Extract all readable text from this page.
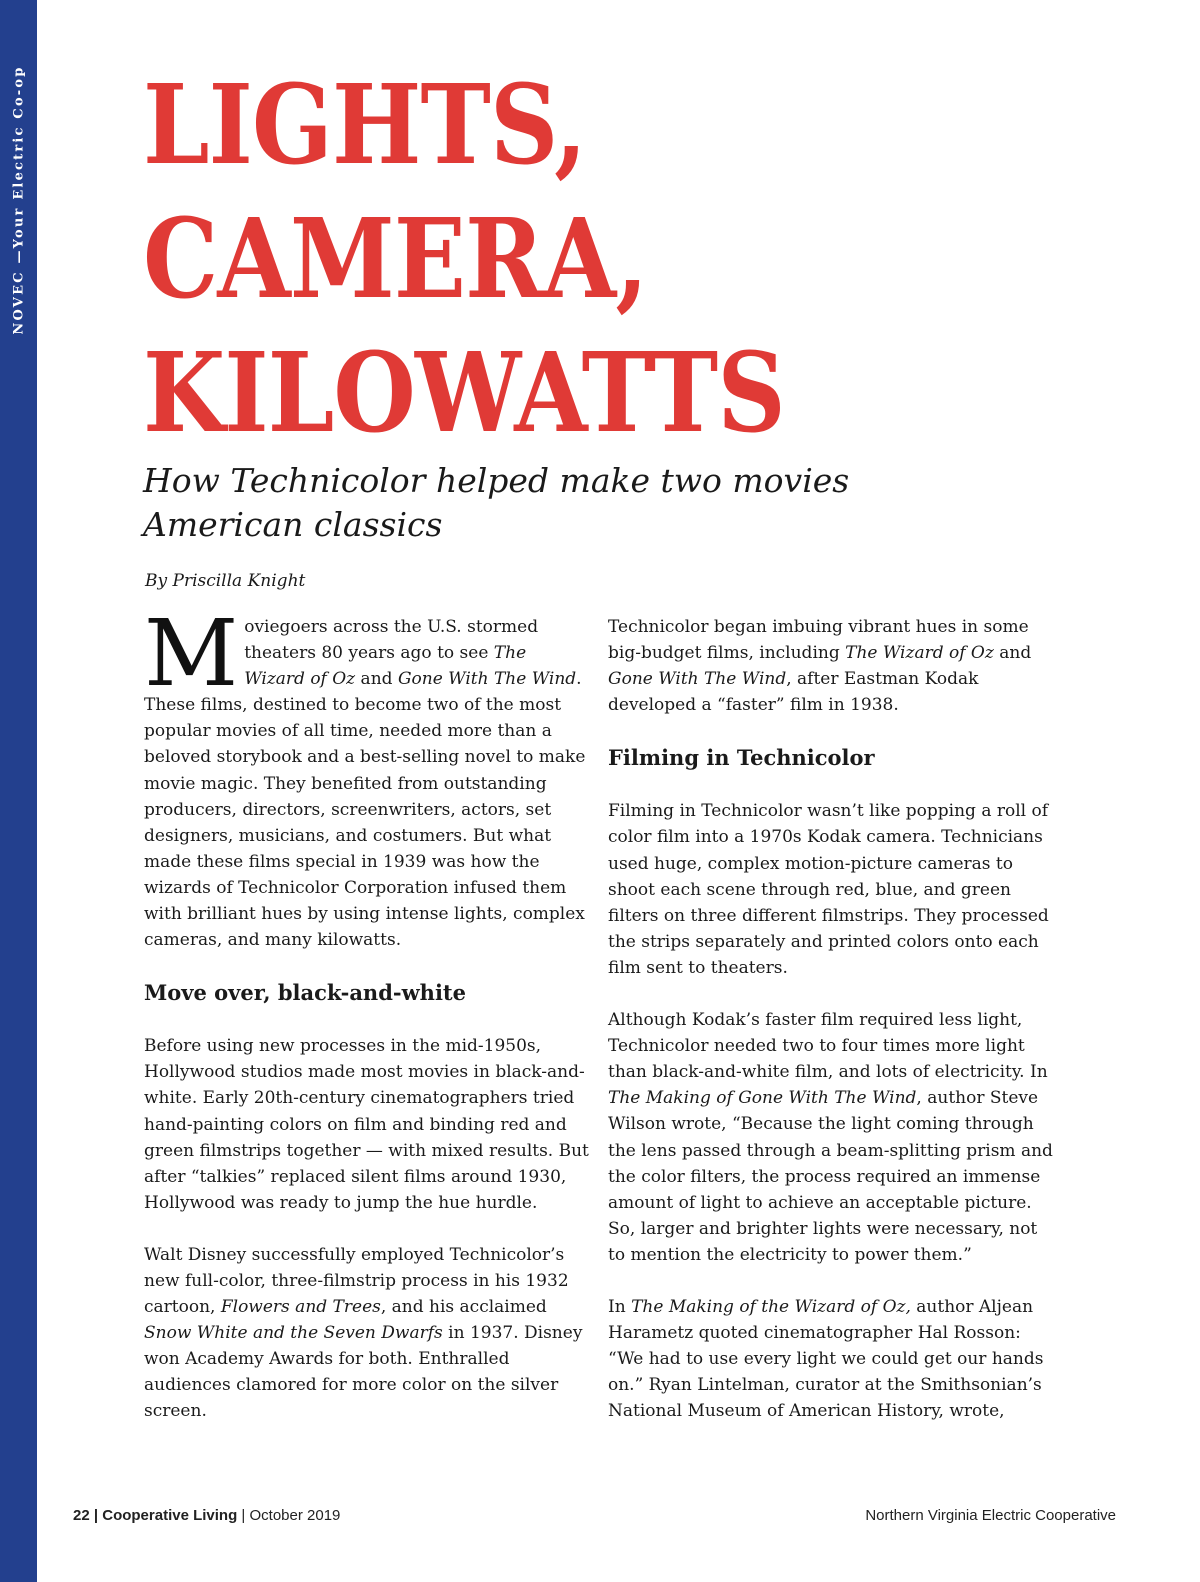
NOVEC —Your Electric Co-op LIGHTS,
CAMERA,
KILOWATTS
How Technicolor helped make two movies
American classics
By Priscilla Knight

Moviegoers across the U.S. stormed theaters 80 years ago to see The Wizard of Oz and Gone With The Wind. These films, destined to become two of the most popular movies of all time, needed more than a beloved storybook and a best-selling novel to make movie magic. They benefited from outstanding producers, directors, screenwriters, actors, set designers, musicians, and costumers. But what made these films special in 1939 was how the wizards of Technicolor Corporation infused them with brilliant hues by using intense lights, complex cameras, and many kilowatts.

Move over, black-and-white

Before using new processes in the mid-1950s, Hollywood studios made most movies in black-and-white. Early 20th-century cinematographers tried hand-painting colors on film and binding red and green filmstrips together — with mixed results. But after “talkies” replaced silent films around 1930, Hollywood was ready to jump the hue hurdle.

Walt Disney successfully employed Technicolor’s new full-color, three-filmstrip process in his 1932 cartoon, Flowers and Trees, and his acclaimed Snow White and the Seven Dwarfs in 1937. Disney won Academy Awards for both. Enthralled audiences clamored for more color on the silver screen.

Technicolor began imbuing vibrant hues in some big-budget films, including The Wizard of Oz and Gone With The Wind, after Eastman Kodak developed a “faster” film in 1938.

Filming in Technicolor

Filming in Technicolor wasn’t like popping a roll of color film into a 1970s Kodak camera. Technicians used huge, complex motion-picture cameras to shoot each scene through red, blue, and green filters on three different filmstrips. They processed the strips separately and printed colors onto each film sent to theaters.

Although Kodak’s faster film required less light, Technicolor needed two to four times more light than black-and-white film, and lots of electricity. In The Making of Gone With The Wind, author Steve Wilson wrote, “Because the light coming through the lens passed through a beam-splitting prism and the color filters, the process required an immense amount of light to achieve an acceptable picture. So, larger and brighter lights were necessary, not to mention the electricity to power them.”

In The Making of the Wizard of Oz, author Aljean Harametz quoted cinematographer Hal Rosson: “We had to use every light we could get our hands on.” Ryan Lintelman, curator at the Smithsonian’s National Museum of American History, wrote,

22 | Cooperative Living | October 2019	Northern Virginia Electric Cooperative
